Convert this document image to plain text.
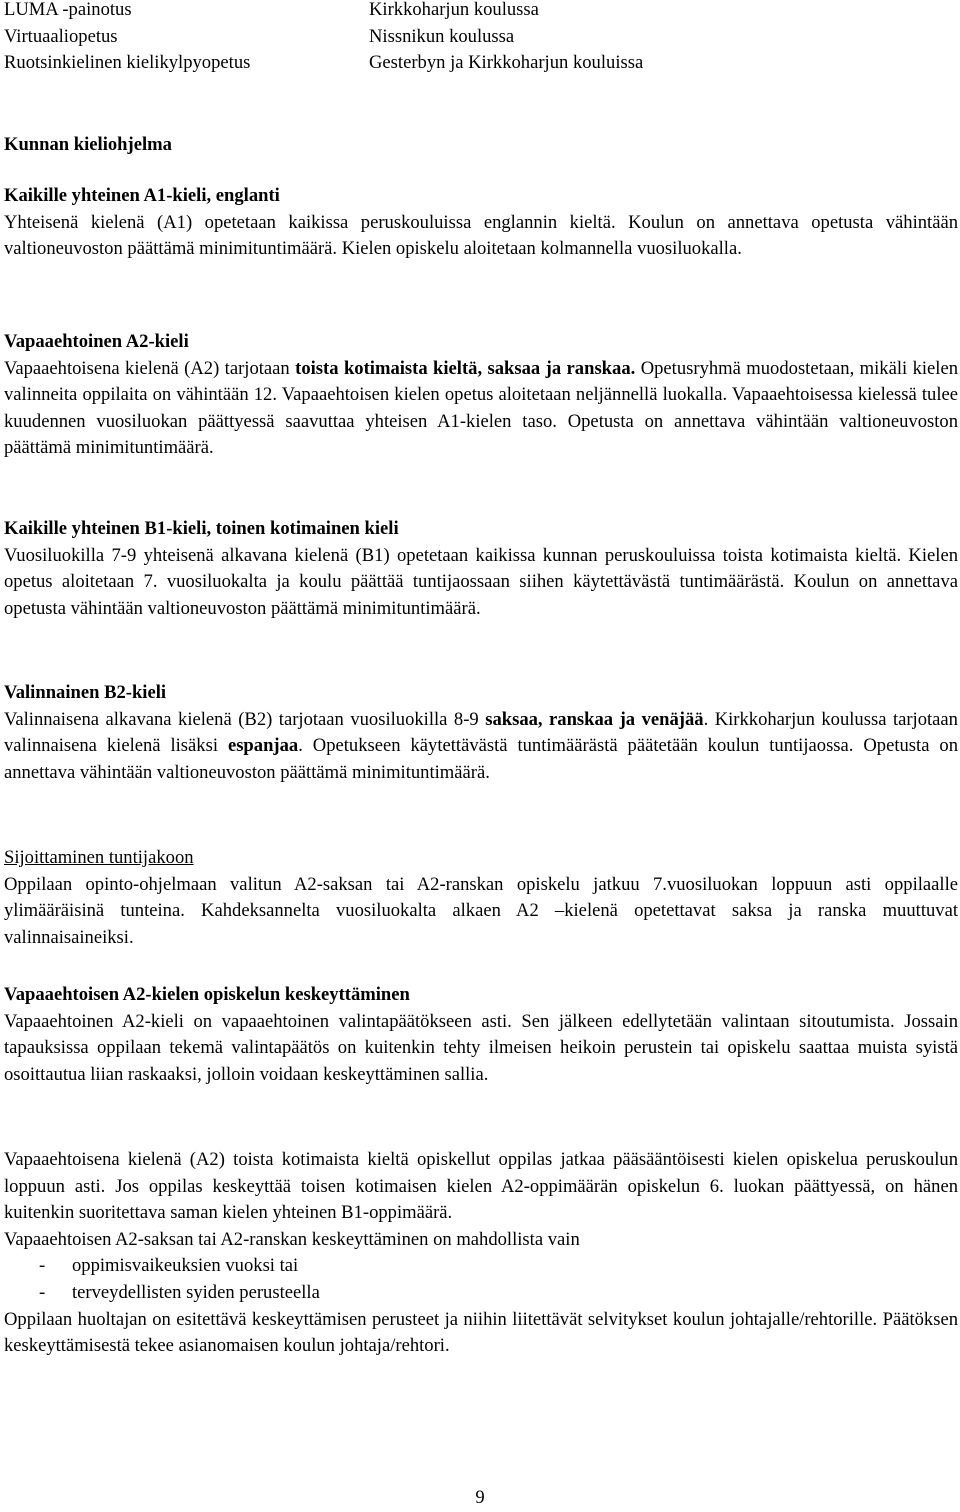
LUMA -painotus	Kirkkoharjun koulussa
Virtuaaliopetus	Nissnikun koulussa
Ruotsinkielinen kielikylpyopetus	Gesterbyn ja Kirkkoharjun kouluissa
Kunnan kieliohjelma
Kaikille yhteinen A1-kieli, englanti
Yhteisenä kielenä (A1) opetetaan kaikissa peruskouluissa englannin kieltä. Koulun on annettava opetusta vähintään valtioneuvoston päättämä minimituntimäärä. Kielen opiskelu aloitetaan kolmannella vuosiluokalla.
Vapaaehtoinen A2-kieli
Vapaaehtoisena kielenä (A2) tarjotaan toista kotimaista kieltä, saksaa ja ranskaa. Opetusryhmä muodostetaan, mikäli kielen valinneita oppilaita on vähintään 12. Vapaaehtoisen kielen opetus aloitetaan neljännellä luokalla. Vapaaehtoisessa kielessä tulee kuudennen vuosiluokan päättyessä saavuttaa yhteisen A1-kielen taso. Opetusta on annettava vähintään valtioneuvoston päättämä minimituntimäärä.
Kaikille yhteinen B1-kieli, toinen kotimainen kieli
Vuosiluokilla 7-9 yhteisenä alkavana kielenä (B1) opetetaan kaikissa kunnan peruskouluissa toista kotimaista kieltä. Kielen opetus aloitetaan 7. vuosiluokalta ja koulu päättää tuntijaossaan siihen käytettävästä tuntimäärästä. Koulun on annettava opetusta vähintään valtioneuvoston päättämä minimituntimäärä.
Valinnainen B2-kieli
Valinnaisena alkavana kielenä (B2) tarjotaan vuosiluokilla 8-9 saksaa, ranskaa ja venäjää. Kirkkoharjun koulussa tarjotaan valinnaisena kielenä lisäksi espanjaa. Opetukseen käytettävästä tuntimäärästä päätetään koulun tuntijaossa. Opetusta on annettava vähintään valtioneuvoston päättämä minimituntimäärä.
Sijoittaminen tuntijakoon
Oppilaan opinto-ohjelmaan valitun A2-saksan tai A2-ranskan opiskelu jatkuu 7.vuosiluokan loppuun asti oppilaalle ylimääräisinä tunteina. Kahdeksannelta vuosiluokalta alkaen A2 –kielenä opetettavat saksa ja ranska muuttuvat valinnaisaineiksi.
Vapaaehtoisen A2-kielen opiskelun keskeyttäminen
Vapaaehtoinen A2-kieli on vapaaehtoinen valintapäätökseen asti. Sen jälkeen edellytetään valintaan sitoutumista. Jossain tapauksissa oppilaan tekemä valintapäätös on kuitenkin tehty ilmeisen heikoin perustein tai opiskelu saattaa muista syistä osoittautua liian raskaaksi, jolloin voidaan keskeyttäminen sallia.
Vapaaehtoisena kielenä (A2) toista kotimaista kieltä opiskellut oppilas jatkaa pääsääntöisesti kielen opiskelua peruskoulun loppuun asti. Jos oppilas keskeyttää toisen kotimaisen kielen A2-oppimäärän opiskelun 6. luokan päättyessä, on hänen kuitenkin suoritettava saman kielen yhteinen B1-oppimäärä.
Vapaaehtoisen A2-saksan tai A2-ranskan keskeyttäminen on mahdollista vain
-	oppimisvaikeuksien vuoksi tai
-	terveydellisten syiden perusteella
Oppilaan huoltajan on esitettävä keskeyttämisen perusteet ja niihin liitettävät selvitykset koulun johtajalle/rehtorille. Päätöksen keskeyttämisestä tekee asianomaisen koulun johtaja/rehtori.
9
